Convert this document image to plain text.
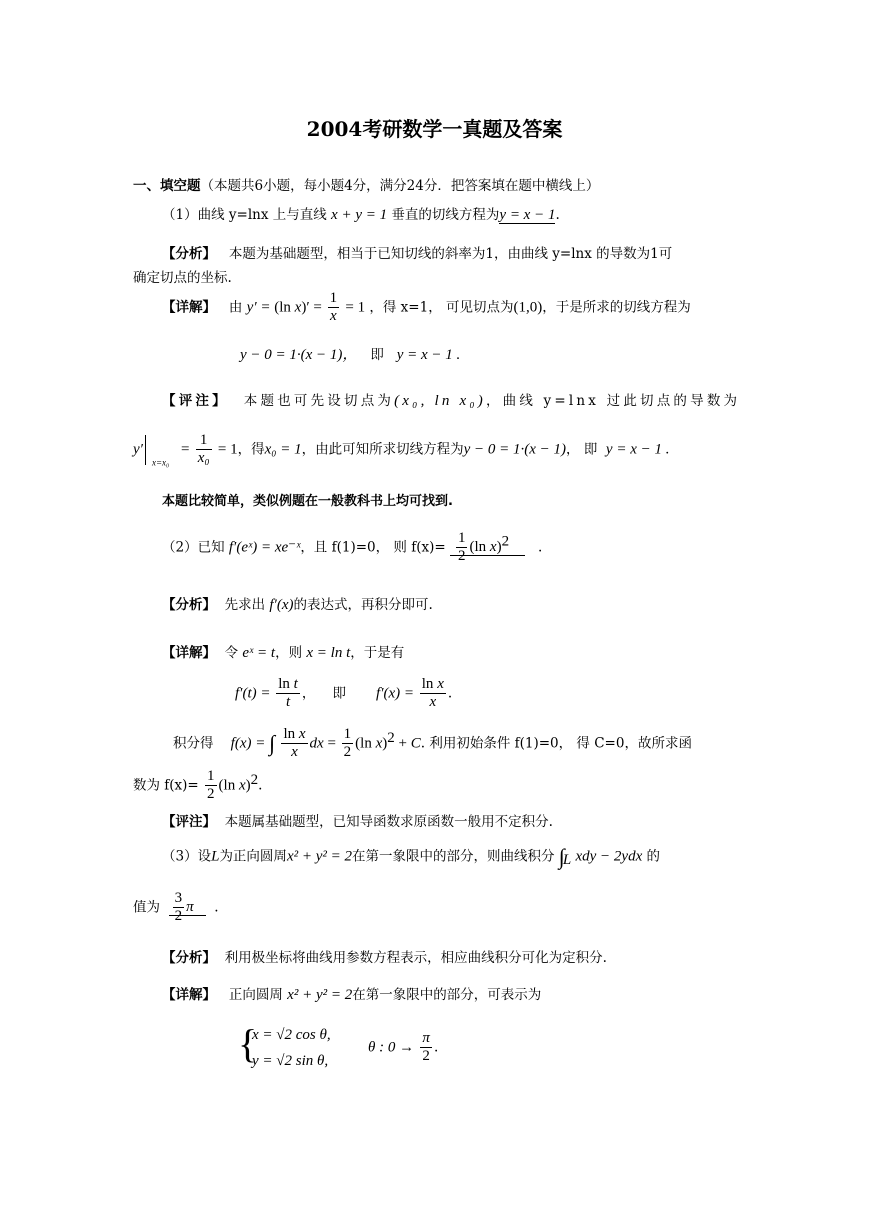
2004考研数学一真题及答案
一、填空题（本题共6小题，每小题4分，满分24分．把答案填在题中横线上）
（1）曲线 y=lnx 上与直线 x + y = 1 垂直的切线方程为y = x − 1.
【分析】 本题为基础题型，相当于已知切线的斜率为1，由曲线 y=lnx 的导数为1可
确定切点的坐标.
【详解】 由 y′ = (ln $x)' = \frac{1}{x} = 1$ ，得 x=1， 可见切点为(1,0)，于是所求的切线方程为
y − 0 = 1·(x − 1)， 即 y = x − 1 .
【评注】 本题也可先设切点为(x₀, ln x₀)，曲线 y=lnx 过此切点的导数为
$y'_{x=x_0} = \frac{1}{\text{x₀}} = 1$，得x₀ = 1，由此可知所求切线方程为y − 0 = 1·(x − 1)， 即 y = x − 1 .
本题比较简单，类似例题在一般教科书上均可找到.
（2）已知 f′(eˣ) = xe⁻ˣ，且 f(1)=0， 则 $f(x)= \frac{1}{2} (\ln$ x)$^2$ .
【分析】 先求出 f′(x)的表达式，再积分即可.
【详解】 令 eˣ = t，则 x = ln t，于是有
$f'(t) = \frac{\text{ln t}}{t}$ ，    即 $f'(x) = \frac{\text{ln x}}{x}$ .
积分得 f(x) = ∫ $\frac{\text{ln x}}{x}$ dx = $\frac{1}{2} (\ln$ x)$^2$ + C. 利用初始条件 f(1)=0， 得 C=0，故所求函
数为 $f(x)= \frac{1}{2} (\ln$ x)$^2$.
【评注】 本题属基础题型，已知导函数求原函数一般用不定积分.
（3）设L为正向圆周x² + y² = 2在第一象限中的部分，则曲线积分 $\int_L$ xdy − 2ydx 的
值为 $\frac{3}{2}$ π .
【分析】 利用极坐标将曲线用参数方程表示，相应曲线积分可化为定积分.
【详解】 正向圆周 x² + y² = 2在第一象限中的部分，可表示为
{
x = √2 cos θ,
y = √2 sin θ,
θ : $0 \to \frac{\pi}{2}$ .
